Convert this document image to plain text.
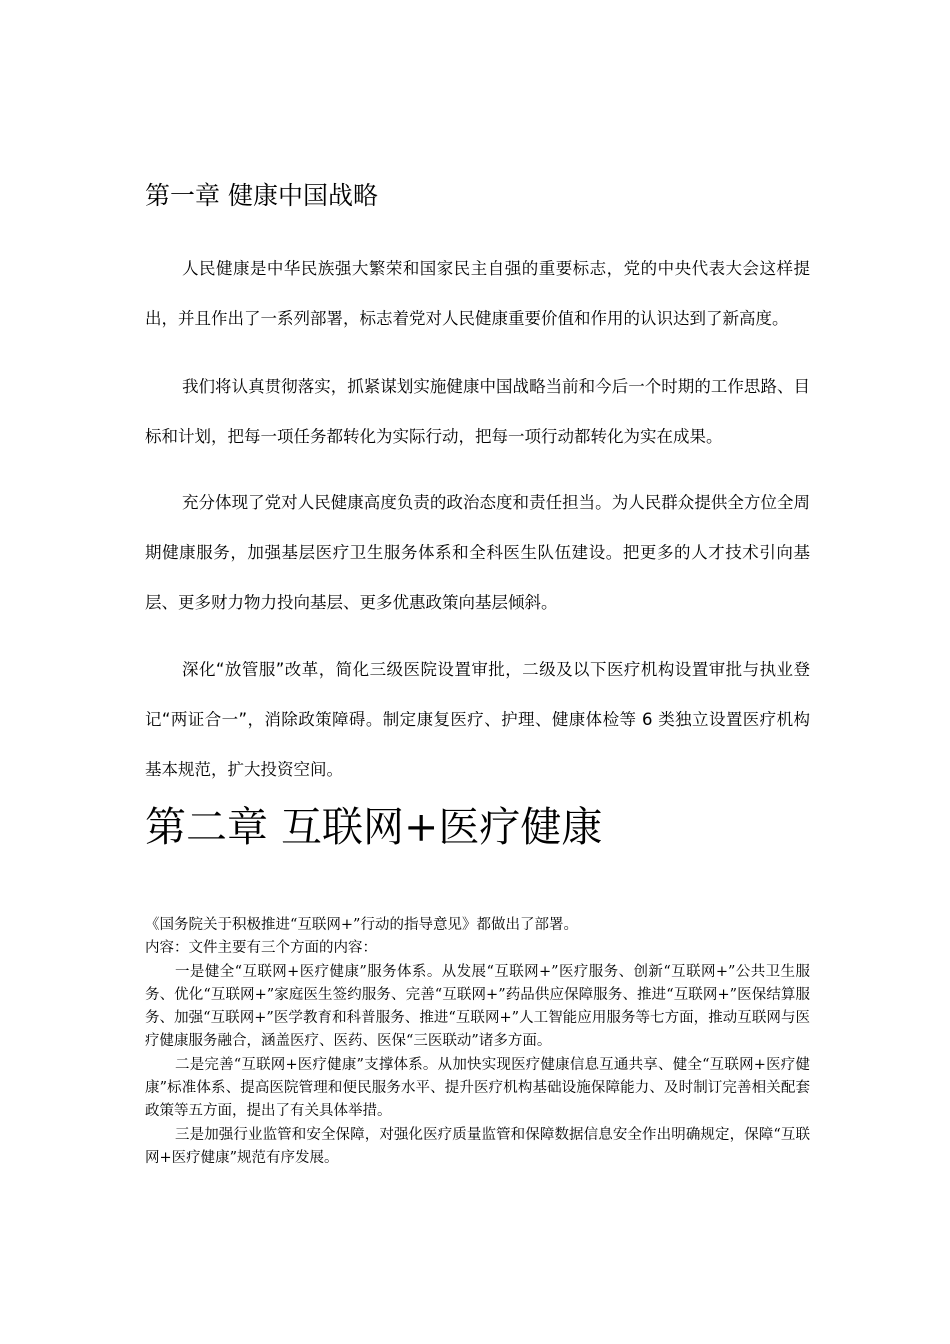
第一章 健康中国战略

人民健康是中华民族强大繁荣和国家民主自强的重要标志，党的中央代表大会这样提出，并且作出了一系列部署，标志着党对人民健康重要价值和作用的认识达到了新高度。

我们将认真贯彻落实，抓紧谋划实施健康中国战略当前和今后一个时期的工作思路、目标和计划，把每一项任务都转化为实际行动，把每一项行动都转化为实在成果。

充分体现了党对人民健康高度负责的政治态度和责任担当。为人民群众提供全方位全周期健康服务，加强基层医疗卫生服务体系和全科医生队伍建设。把更多的人才技术引向基层、更多财力物力投向基层、更多优惠政策向基层倾斜。

深化“放管服”改革，简化三级医院设置审批，二级及以下医疗机构设置审批与执业登记“两证合一”，消除政策障碍。制定康复医疗、护理、健康体检等 6 类独立设置医疗机构基本规范，扩大投资空间。

第二章 互联网+医疗健康

《国务院关于积极推进“互联网+”行动的指导意见》都做出了部署。

内容：文件主要有三个方面的内容：

一是健全“互联网+医疗健康”服务体系。从发展“互联网+”医疗服务、创新“互联网+”公共卫生服务、优化“互联网+”家庭医生签约服务、完善“互联网+”药品供应保障服务、推进“互联网+”医保结算服务、加强“互联网+”医学教育和科普服务、推进“互联网+”人工智能应用服务等七方面，推动互联网与医疗健康服务融合，涵盖医疗、医药、医保“三医联动”诸多方面。

二是完善“互联网+医疗健康”支撑体系。从加快实现医疗健康信息互通共享、健全“互联网+医疗健康”标准体系、提高医院管理和便民服务水平、提升医疗机构基础设施保障能力、及时制订完善相关配套政策等五方面，提出了有关具体举措。

三是加强行业监管和安全保障，对强化医疗质量监管和保障数据信息安全作出明确规定，保障“互联网+医疗健康”规范有序发展。
